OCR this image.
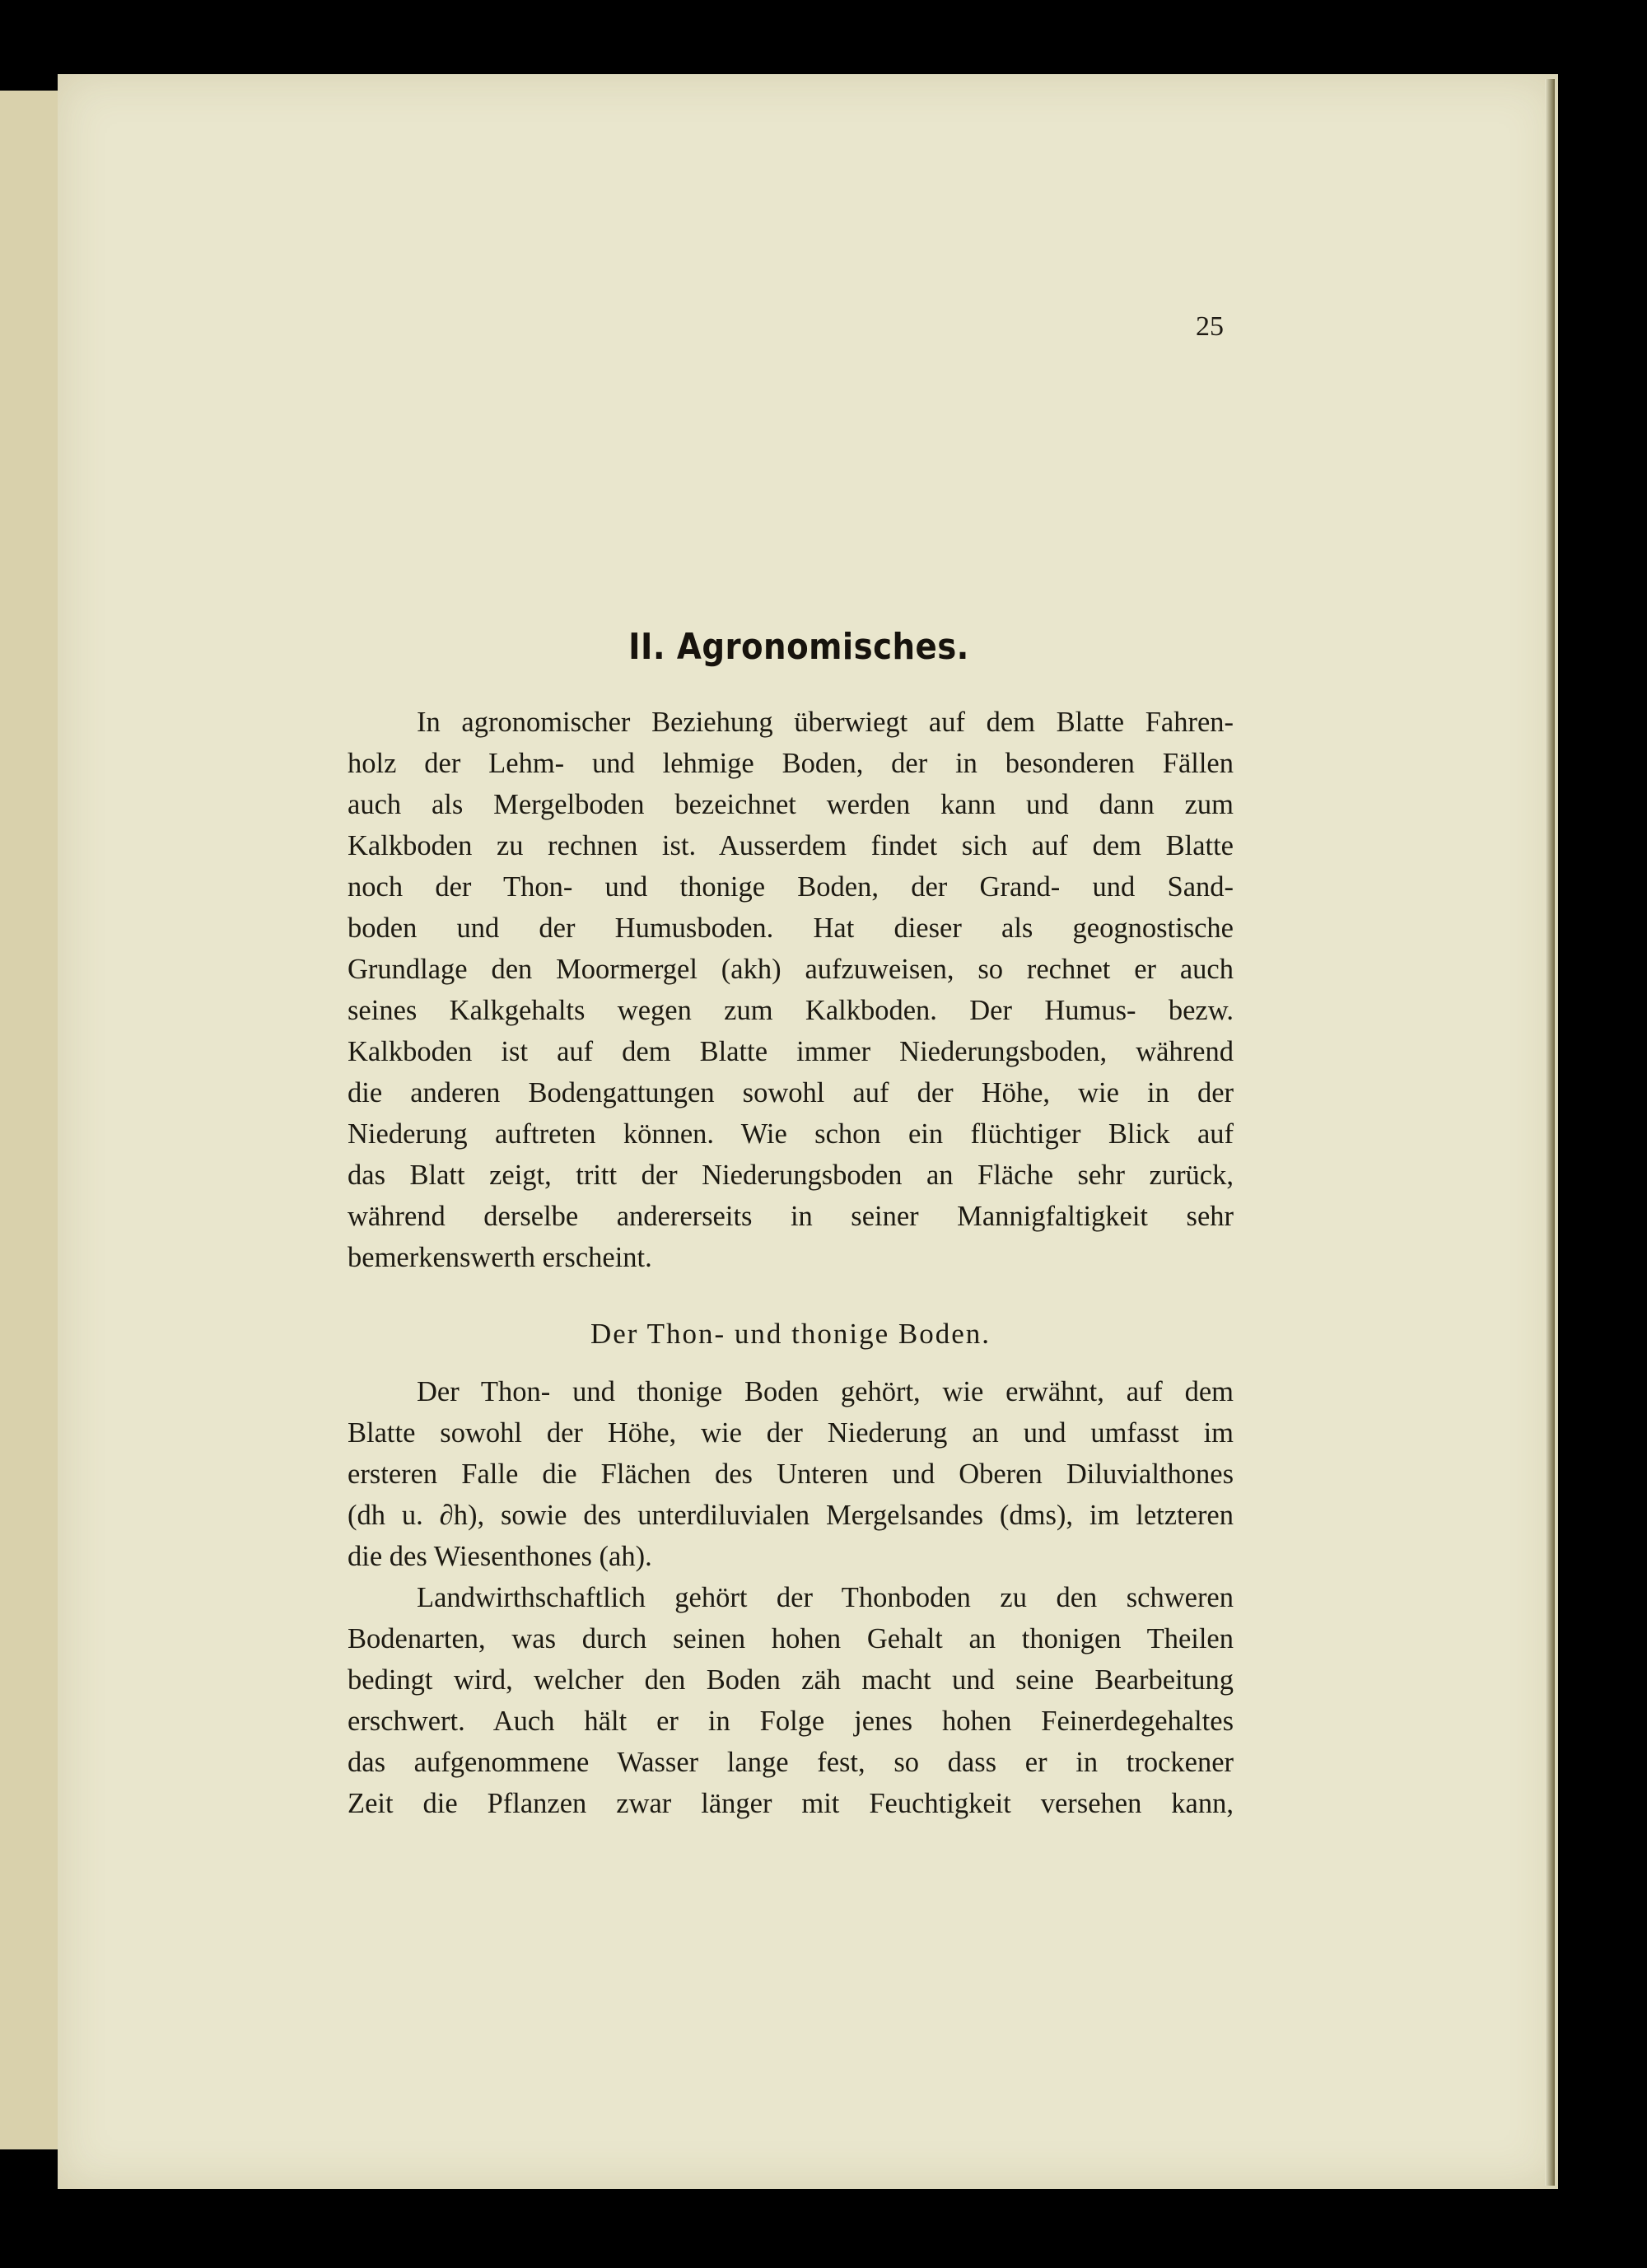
25
II. Agronomisches.
In agronomischer Beziehung überwiegt auf dem Blatte Fahren-
holz der Lehm- und lehmige Boden, der in besonderen Fällen
auch als Mergelboden bezeichnet werden kann und dann zum
Kalkboden zu rechnen ist. Ausserdem findet sich auf dem Blatte
noch der Thon- und thonige Boden, der Grand- und Sand-
boden und der Humusboden. Hat dieser als geognostische
Grundlage den Moormergel (akh) aufzuweisen, so rechnet er auch
seines Kalkgehalts wegen zum Kalkboden. Der Humus- bezw.
Kalkboden ist auf dem Blatte immer Niederungsboden, während
die anderen Bodengattungen sowohl auf der Höhe, wie in der
Niederung auftreten können. Wie schon ein flüchtiger Blick auf
das Blatt zeigt, tritt der Niederungsboden an Fläche sehr zurück,
während derselbe andererseits in seiner Mannigfaltigkeit sehr
bemerkenswerth erscheint.
Der Thon- und thonige Boden.
Der Thon- und thonige Boden gehört, wie erwähnt, auf dem
Blatte sowohl der Höhe, wie der Niederung an und umfasst im
ersteren Falle die Flächen des Unteren und Oberen Diluvialthones
(dh u. ∂h), sowie des unterdiluvialen Mergelsandes (dms), im letzteren
die des Wiesenthones (ah).
Landwirthschaftlich gehört der Thonboden zu den schweren
Bodenarten, was durch seinen hohen Gehalt an thonigen Theilen
bedingt wird, welcher den Boden zäh macht und seine Bearbeitung
erschwert. Auch hält er in Folge jenes hohen Feinerdegehaltes
das aufgenommene Wasser lange fest, so dass er in trockener
Zeit die Pflanzen zwar länger mit Feuchtigkeit versehen kann,
